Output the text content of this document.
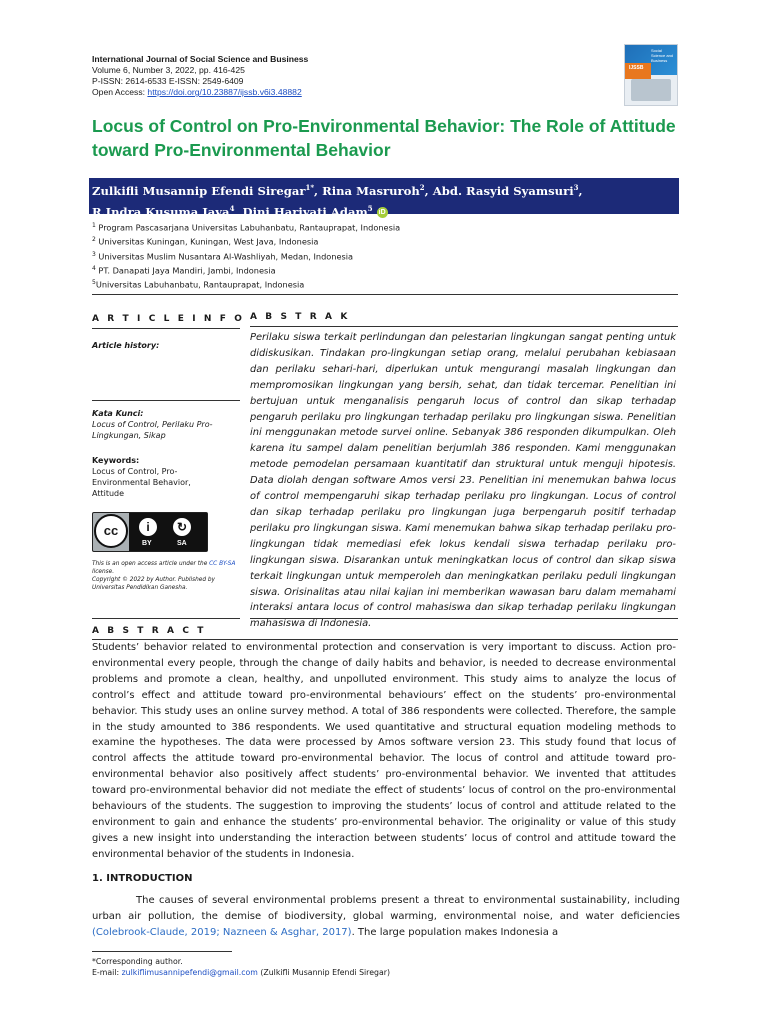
International Journal of Social Science and Business
Volume 6, Number 3, 2022, pp. 416-425
P-ISSN: 2614-6533 E-ISSN: 2549-6409
Open Access: https://doi.org/10.23887/ijssb.v6i3.48882
Social Science and Business
IJSSB
Locus of Control on Pro-Environmental Behavior: The Role of Attitude toward Pro-Environmental Behavior
Zulkifli Musannip Efendi Siregar$^{1*}$, Rina Masruroh$^2$, Abd. Rasyid Syamsuri$^3$,
R.Indra Kusuma Jaya$^4$, Dini Hariyati Adam$^5$ iD
$^1$ Program Pascasarjana Universitas Labuhanbatu, Rantauprapat, Indonesia
$^2$ Universitas Kuningan, Kuningan, West Java, Indonesia
$^3$ Universitas Muslim Nusantara Al-Washliyah, Medan, Indonesia
$^4$ PT. Danapati Jaya Mandiri, Jambi, Indonesia
$^5$Universitas Labuhanbatu, Rantauprapat, Indonesia
A R T I C L E I N F O
Article history:
Kata Kunci:
Locus of Control, Perilaku Pro-Lingkungan, Sikap
Keywords:
Locus of Control, Pro-Environmental Behavior, Attitude
cc	i	↻
BY	SA
This is an open access article under the CC BY-SA license.
Copyright © 2022 by Author. Published by Universitas Pendidikan Ganesha.
A B S T R A K
Perilaku siswa terkait perlindungan dan pelestarian lingkungan sangat penting untuk didiskusikan. Tindakan pro-lingkungan setiap orang, melalui perubahan kebiasaan dan perilaku sehari-hari, diperlukan untuk mengurangi masalah lingkungan dan mempromosikan lingkungan yang bersih, sehat, dan tidak tercemar. Penelitian ini bertujuan untuk menganalisis pengaruh locus of control dan sikap terhadap pengaruh perilaku pro lingkungan terhadap perilaku pro lingkungan siswa. Penelitian ini menggunakan metode survei online. Sebanyak 386 responden dikumpulkan. Oleh karena itu sampel dalam penelitian berjumlah 386 responden. Kami menggunakan metode pemodelan persamaan kuantitatif dan struktural untuk menguji hipotesis. Data diolah dengan software Amos versi 23. Penelitian ini menemukan bahwa locus of control mempengaruhi sikap terhadap perilaku pro lingkungan. Locus of control dan sikap terhadap perilaku pro lingkungan juga berpengaruh positif terhadap perilaku pro lingkungan siswa. Kami menemukan bahwa sikap terhadap perilaku pro-lingkungan tidak memediasi efek lokus kendali siswa terhadap perilaku pro-lingkungan siswa. Disarankan untuk meningkatkan locus of control dan sikap siswa terkait lingkungan untuk memperoleh dan meningkatkan perilaku peduli lingkungan siswa. Orisinalitas atau nilai kajian ini memberikan wawasan baru dalam memahami interaksi antara locus of control mahasiswa dan sikap terhadap perilaku lingkungan mahasiswa di Indonesia.
A B S T R A C T
Students’ behavior related to environmental protection and conservation is very important to discuss. Action pro-environmental every people, through the change of daily habits and behavior, is needed to decrease environmental problems and promote a clean, healthy, and unpolluted environment. This study aims to analyze the locus of control’s effect and attitude toward pro-environmental behaviours’ effect on the students’ pro-environmental behavior. This study uses an online survey method. A total of 386 respondents were collected. Therefore, the sample in the study amounted to 386 respondents. We used quantitative and structural equation modeling methods to examine the hypotheses. The data were processed by Amos software version 23. This study found that locus of control affects the attitude toward pro-environmental behavior. The locus of control and attitude toward pro-environmental behavior also positively affect students’ pro-environmental behavior. We invented that attitudes toward pro-environmental behavior did not mediate the effect of students’ locus of control on the pro-environmental behaviours of the students. The suggestion to improving the students’ locus of control and attitude related to the environment to gain and enhance the students’ pro-environmental behavior. The originality or value of this study gives a new insight into understanding the interaction between students’ locus of control and attitude toward the environmental behavior of the students in Indonesia.
1. INTRODUCTION
The causes of several environmental problems present a threat to environmental sustainability, including urban air pollution, the demise of biodiversity, global warming, environmental noise, and water deficiencies (Colebrook-Claude, 2019; Nazneen & Asghar, 2017). The large population makes Indonesia a
*Corresponding author.
E-mail: zulkiflimusannipefendi@gmail.com (Zulkifli Musannip Efendi Siregar)
